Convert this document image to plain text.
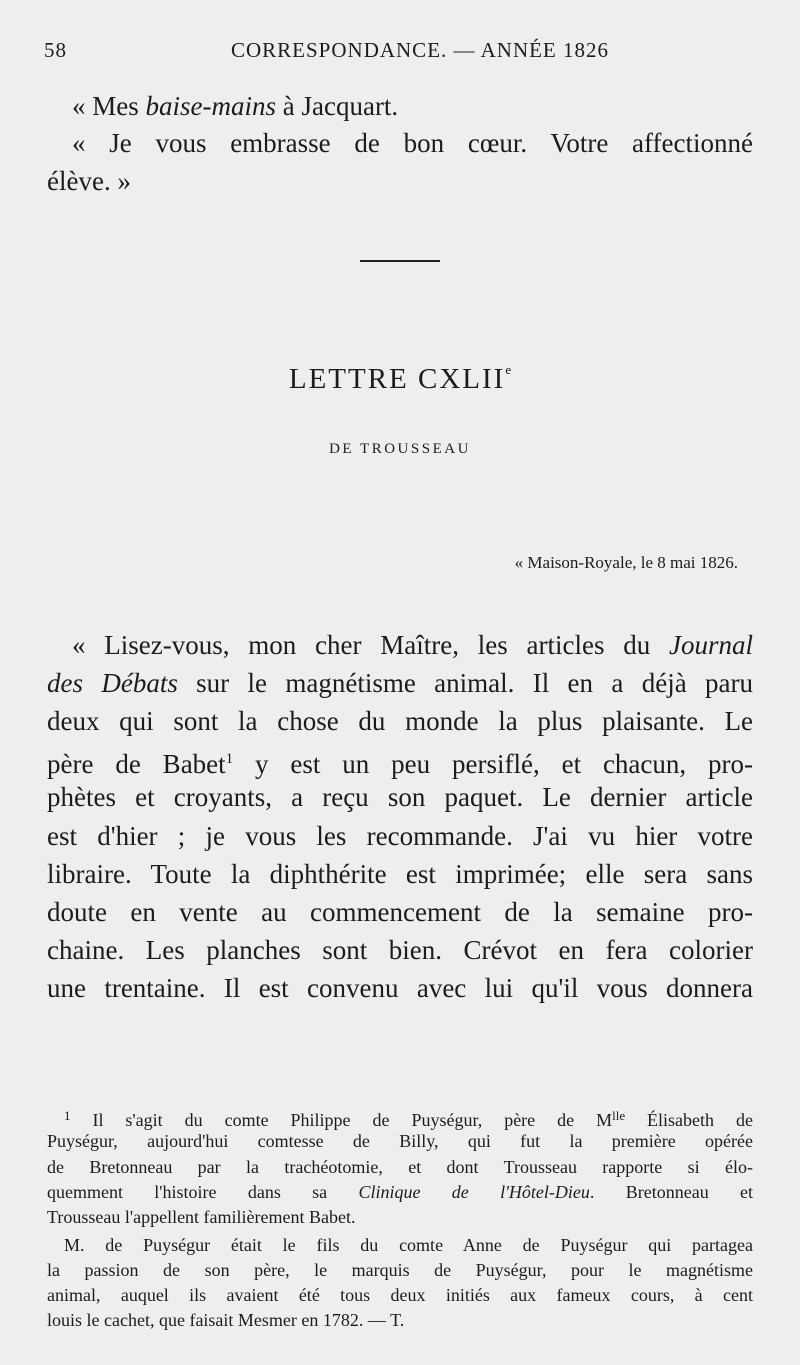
58	CORRESPONDANCE. — ANNÉE 1826
« Mes baise-mains à Jacquart.
« Je vous embrasse de bon cœur. Votre affectionné
élève. »
LETTRE CXLIIe
DE TROUSSEAU
« Maison-Royale, le 8 mai 1826.
« Lisez-vous, mon cher Maître, les articles du Journal
des Débats sur le magnétisme animal. Il en a déjà paru
deux qui sont la chose du monde la plus plaisante. Le
père de Babet$^1$ y est un peu persiflé, et chacun, pro-
phètes et croyants, a reçu son paquet. Le dernier article
est d'hier ; je vous les recommande. J'ai vu hier votre
libraire. Toute la diphthérite est imprimée; elle sera sans
doute en vente au commencement de la semaine pro-
chaine. Les planches sont bien. Crévot en fera colorier
une trentaine. Il est convenu avec lui qu'il vous donnera
$^1$ Il s'agit du comte Philippe de Puységur, père de M$^{lle}$ Élisabeth de
Puységur, aujourd'hui comtesse de Billy, qui fut la première opérée
de Bretonneau par la trachéotomie, et dont Trousseau rapporte si élo-
quemment l'histoire dans sa Clinique de l'Hôtel-Dieu. Bretonneau et
Trousseau l'appellent familièrement Babet.
M. de Puységur était le fils du comte Anne de Puységur qui partagea
la passion de son père, le marquis de Puységur, pour le magnétisme
animal, auquel ils avaient été tous deux initiés aux fameux cours, à cent
louis le cachet, que faisait Mesmer en 1782. — T.
